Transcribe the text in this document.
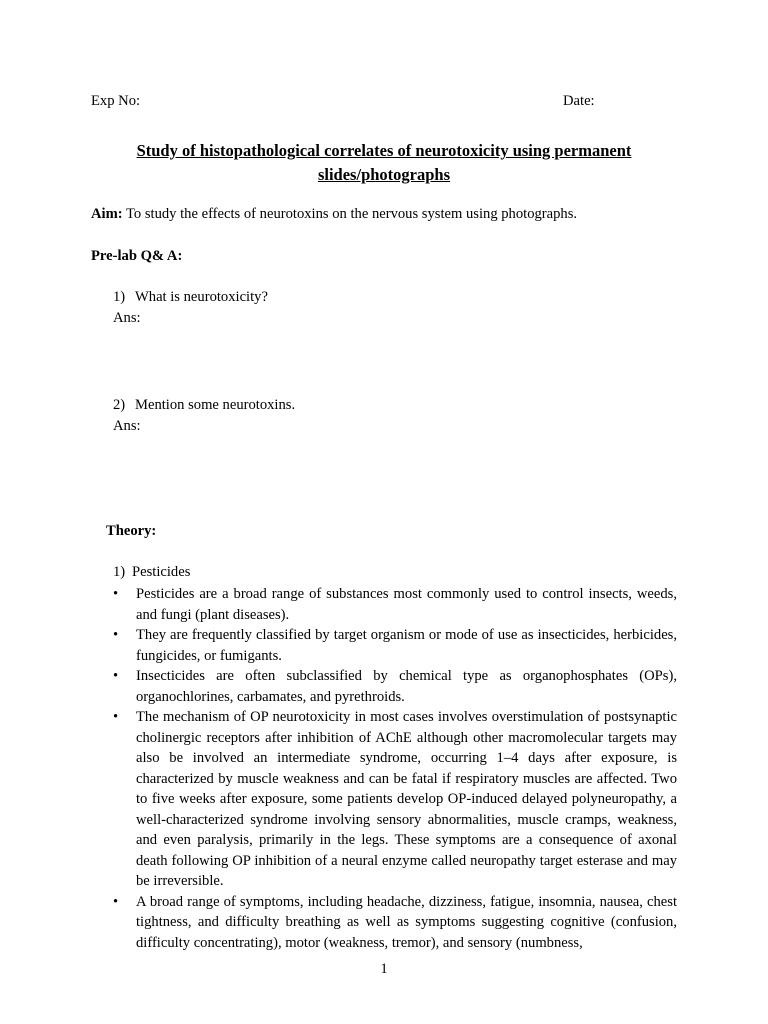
Exp No:	Date:
Study of histopathological correlates of neurotoxicity using permanent
slides/photographs
Aim: To study the effects of neurotoxins on the nervous system using photographs.
Pre-lab Q& A:
1) What is neurotoxicity?
Ans:
2) Mention some neurotoxins.
Ans:
Theory:
1) Pesticides
• Pesticides are a broad range of substances most commonly used to control insects, weeds, and fungi (plant diseases).
• They are frequently classified by target organism or mode of use as insecticides, herbicides, fungicides, or fumigants.
• Insecticides are often subclassified by chemical type as organophosphates (OPs), organochlorines, carbamates, and pyrethroids.
• The mechanism of OP neurotoxicity in most cases involves overstimulation of postsynaptic cholinergic receptors after inhibition of AChE although other macromolecular targets may also be involved an intermediate syndrome, occurring 1–4 days after exposure, is characterized by muscle weakness and can be fatal if respiratory muscles are affected. Two to five weeks after exposure, some patients develop OP-induced delayed polyneuropathy, a well-characterized syndrome involving sensory abnormalities, muscle cramps, weakness, and even paralysis, primarily in the legs. These symptoms are a consequence of axonal death following OP inhibition of a neural enzyme called neuropathy target esterase and may be irreversible.
• A broad range of symptoms, including headache, dizziness, fatigue, insomnia, nausea, chest tightness, and difficulty breathing as well as symptoms suggesting cognitive (confusion, difficulty concentrating), motor (weakness, tremor), and sensory (numbness,
1
